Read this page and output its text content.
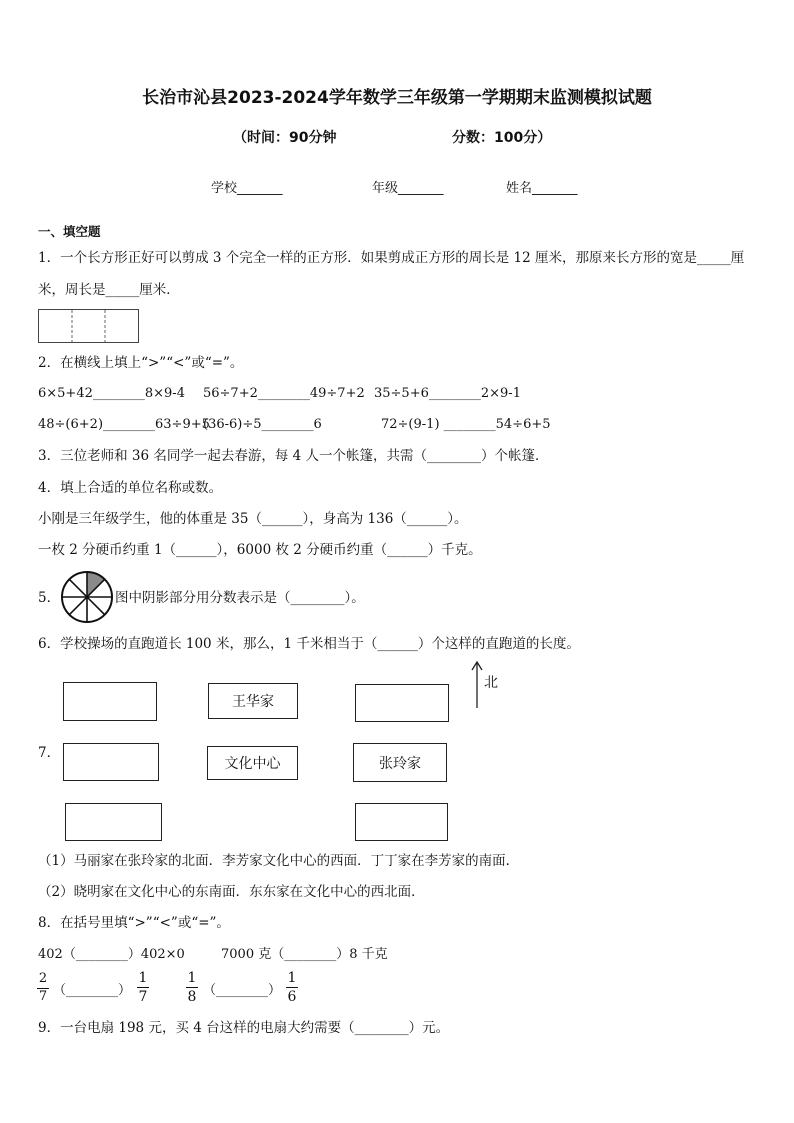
长治市沁县2023-2024学年数学三年级第一学期期末监测模拟试题
（时间：90分钟	分数：100分）
学校_______	年级_______	姓名_______
一、填空题
1．一个长方形正好可以剪成 3 个完全一样的正方形．如果剪成正方形的周长是 12 厘米，那原来长方形的宽是_____厘
米，周长是_____厘米．
2．在横线上填上“>”“<”或“=”。
6×5+42________8×9-4 56÷7+2________49÷7+2 35÷5+6________2×9-1
48÷(6+2)________63÷9+5
(36-6)÷5________6	72÷(9-1) ________54÷6+5
3．三位老师和 36 名同学一起去春游，每 4 人一个帐篷，共需（________）个帐篷．
4．填上合适的单位名称或数。
小刚是三年级学生，他的体重是 35（______），身高为 136（______）。
一枚 2 分硬币约重 1（______），6000 枚 2 分硬币约重（______）千克。
5．	图中阴影部分用分数表示是（________）。
6．学校操场的直跑道长 100 米，那么，1 千米相当于（______）个这样的直跑道的长度。
王华家
北
7．
文化中心	张玲家
（1）马丽家在张玲家的北面．李芳家文化中心的西面．丁丁家在李芳家的南面．
（2）晓明家在文化中心的东南面．东东家在文化中心的西北面．
8．在括号里填“>”“<”或“=”。
402（________）402×0	7000 克（________）8 千克
2
7 （________）
1
7
1
8 （________）
1
6
9．一台电扇 198 元，买 4 台这样的电扇大约需要（________）元。
